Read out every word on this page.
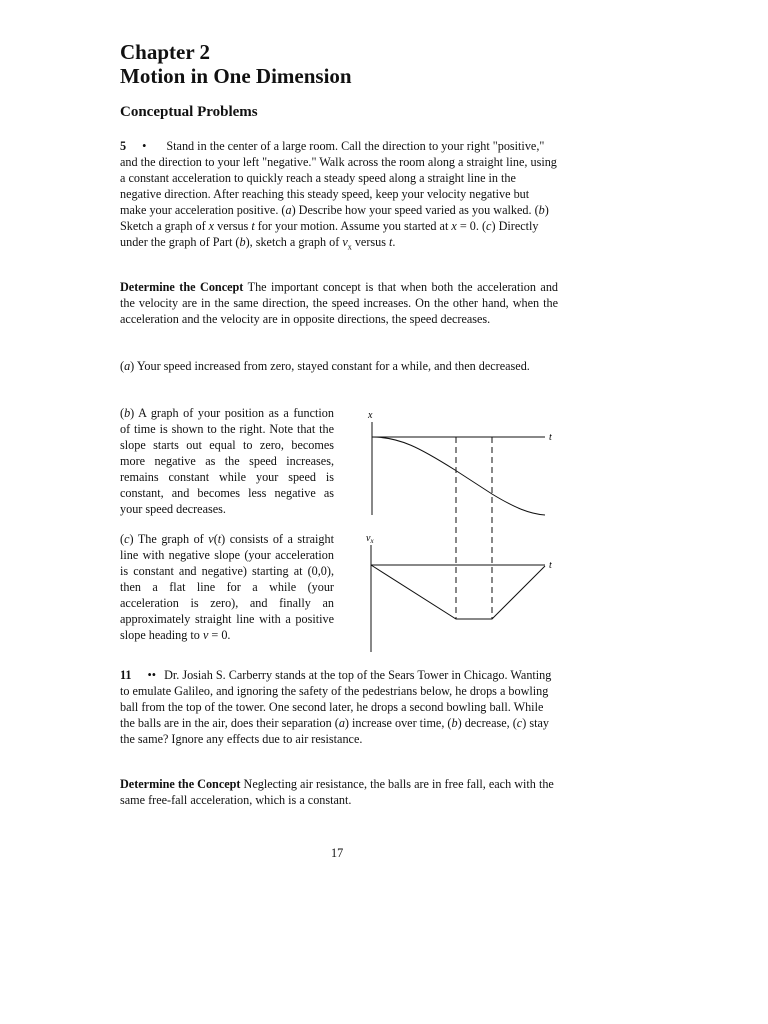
Chapter 2
Motion in One Dimension
Conceptual Problems
5 • Stand in the center of a large room. Call the direction to your right "positive," and the direction to your left "negative." Walk across the room along a straight line, using a constant acceleration to quickly reach a steady speed along a straight line in the negative direction. After reaching this steady speed, keep your velocity negative but make your acceleration positive. (a) Describe how your speed varied as you walked. (b) Sketch a graph of x versus t for your motion. Assume you started at x = 0. (c) Directly under the graph of Part (b), sketch a graph of $v_x$ versus t.
Determine the Concept The important concept is that when both the acceleration and the velocity are in the same direction, the speed increases. On the other hand, when the acceleration and the velocity are in opposite directions, the speed decreases.
(a) Your speed increased from zero, stayed constant for a while, and then decreased.
(b) A graph of your position as a function of time is shown to the right. Note that the slope starts out equal to zero, becomes more negative as the speed increases, remains constant while your speed is constant, and becomes less negative as your speed decreases.
(c) The graph of v(t) consists of a straight line with negative slope (your acceleration is constant and negative) starting at (0,0), then a flat line for a while (your acceleration is zero), and finally an approximately straight line with a positive slope heading to v = 0.
x
t
$v_x$
t
11 •• Dr. Josiah S. Carberry stands at the top of the Sears Tower in Chicago. Wanting to emulate Galileo, and ignoring the safety of the pedestrians below, he drops a bowling ball from the top of the tower. One second later, he drops a second bowling ball. While the balls are in the air, does their separation (a) increase over time, (b) decrease, (c) stay the same? Ignore any effects due to air resistance.
Determine the Concept Neglecting air resistance, the balls are in free fall, each with the same free-fall acceleration, which is a constant.
17
